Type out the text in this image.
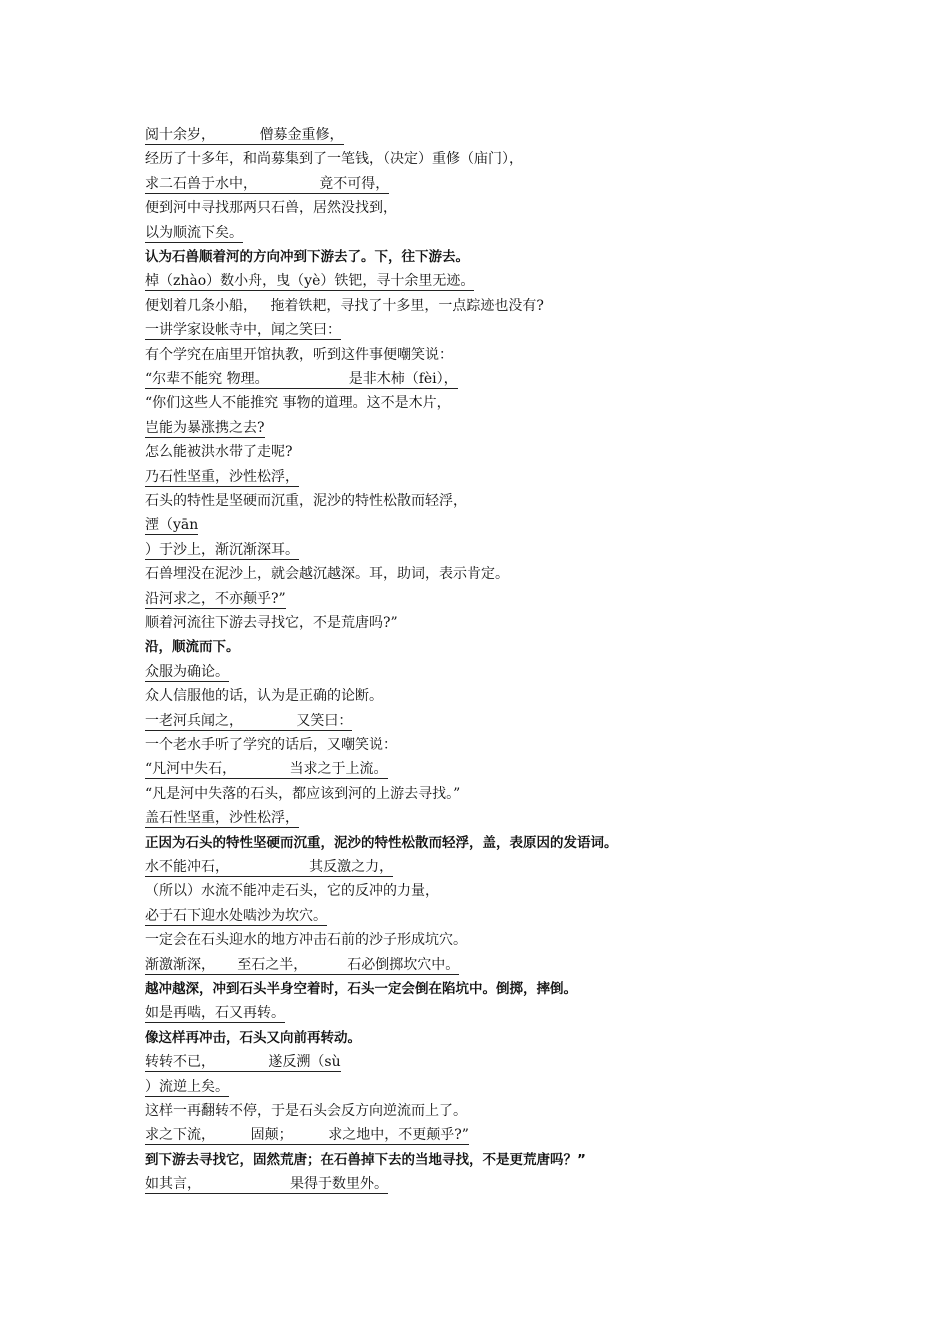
阅十余岁，          僧募金重修，
经历了十多年，和尚募集到了一笔钱，（决定）重修（庙门），
求二石兽于水中，              竟不可得，
便到河中寻找那两只石兽，居然没找到，
以为顺流下矣。
认为石兽顺着河的方向冲到下游去了。下，往下游去。
棹（zhào）数小舟，曳（yè）铁钯，寻十余里无迹。
便划着几条小船，   拖着铁耙，寻找了十多里，一点踪迹也没有?
一讲学家设帐寺中，闻之笑曰：
有个学究在庙里开馆执教，听到这件事便嘲笑说：
“尔辈不能究 物理。                  是非木柿（fèi），
“你们这些人不能推究 事物的道理。这不是木片，
岂能为暴涨携之去?
怎么能被洪水带了走呢?
乃石性坚重，沙性松浮，
石头的特性是坚硬而沉重，泥沙的特性松散而轻浮，
湮（yān
）于沙上，渐沉渐深耳。
石兽埋没在泥沙上，就会越沉越深。耳，助词，表示肯定。
沿河求之，不亦颠乎?”
顺着河流往下游去寻找它，不是荒唐吗?”
沿，顺流而下。
众服为确论。
众人信服他的话，认为是正确的论断。
一老河兵闻之，            又笑曰：
一个老水手听了学究的话后，又嘲笑说：
“凡河中失石，            当求之于上流。
“凡是河中失落的石头，都应该到河的上游去寻找。”
盖石性坚重，沙性松浮，
正因为石头的特性坚硬而沉重，泥沙的特性松散而轻浮，盖，表原因的发语词。
水不能冲石，                  其反激之力，
（所以）水流不能冲走石头，它的反冲的力量，
必于石下迎水处啮沙为坎穴。
一定会在石头迎水的地方冲击石前的沙子形成坑穴。
渐激渐深，     至石之半，         石必倒掷坎穴中。
越冲越深，冲到石头半身空着时，石头一定会倒在陷坑中。倒掷，摔倒。
如是再啮，石又再转。
像这样再冲击，石头又向前再转动。
转转不已，            遂反溯（sù
）流逆上矣。
这样一再翻转不停，于是石头会反方向逆流而上了。
求之下流，        固颠；        求之地中，不更颠乎?”
到下游去寻找它，固然荒唐；在石兽掉下去的当地寻找，不是更荒唐吗？”
如其言，                    果得于数里外。
